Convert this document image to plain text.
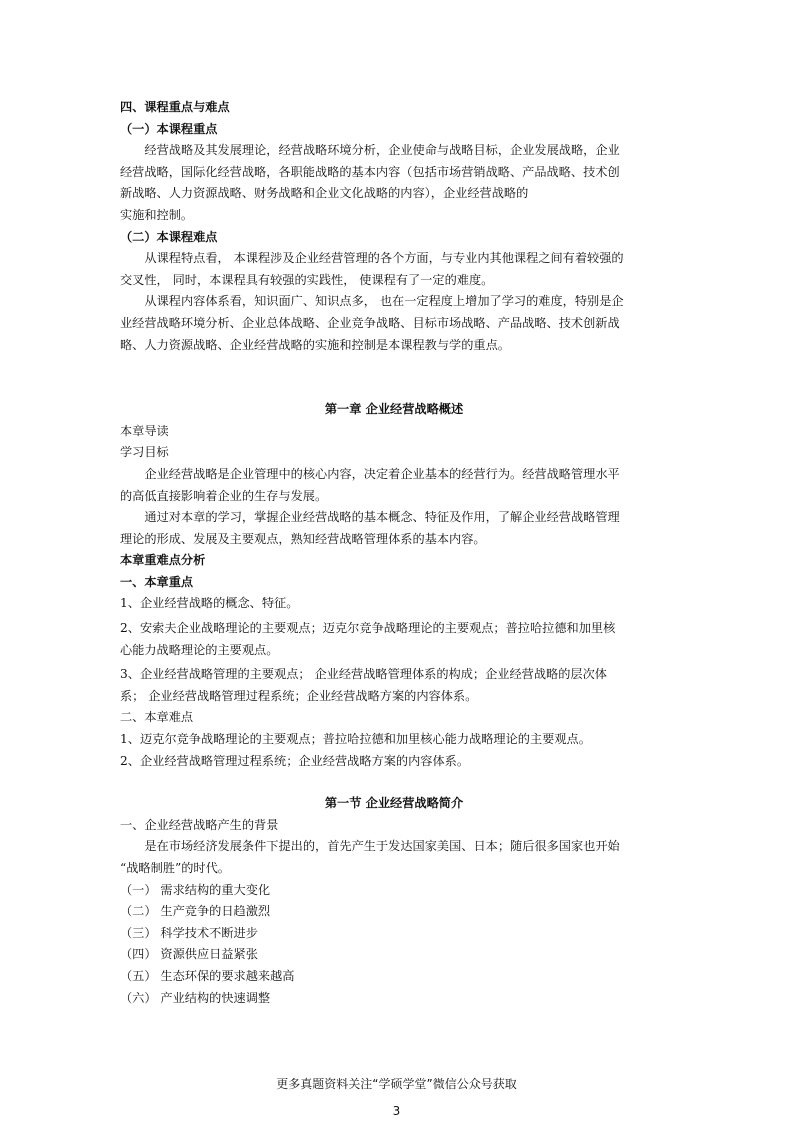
四、课程重点与难点

（一）本课程重点

经营战略及其发展理论，经营战略环境分析，企业使命与战略目标，企业发展战略，企业

经营战略，国际化经营战略，各职能战略的基本内容（包括市场营销战略、产品战略、技术创

新战略、人力资源战略、财务战略和企业文化战略的内容），企业经营战略的

实施和控制。

（二）本课程难点

从课程特点看， 本课程涉及企业经营管理的各个方面，与专业内其他课程之间有着较强的

交叉性， 同时，本课程具有较强的实践性， 使课程有了一定的难度。

从课程内容体系看，知识面广、知识点多， 也在一定程度上增加了学习的难度，特别是企

业经营战略环境分析、企业总体战略、企业竞争战略、目标市场战略、产品战略、技术创新战

略、人力资源战略、企业经营战略的实施和控制是本课程教与学的重点。

第一章 企业经营战略概述

本章导读

学习目标

企业经营战略是企业管理中的核心内容，决定着企业基本的经营行为。经营战略管理水平

的高低直接影响着企业的生存与发展。

通过对本章的学习，掌握企业经营战略的基本概念、特征及作用，了解企业经营战略管理

理论的形成、发展及主要观点，熟知经营战略管理体系的基本内容。

本章重难点分析

一、本章重点

1、企业经营战略的概念、特征。

2、安索夫企业战略理论的主要观点；迈克尔竞争战略理论的主要观点；普拉哈拉德和加里核

心能力战略理论的主要观点。

3、企业经营战略管理的主要观点； 企业经营战略管理体系的构成；企业经营战略的层次体

系； 企业经营战略管理过程系统；企业经营战略方案的内容体系。

二、本章难点

1、迈克尔竞争战略理论的主要观点；普拉哈拉德和加里核心能力战略理论的主要观点。

2、企业经营战略管理过程系统；企业经营战略方案的内容体系。

第一节 企业经营战略简介

一、企业经营战略产生的背景

是在市场经济发展条件下提出的，首先产生于发达国家美国、日本；随后很多国家也开始

“战略制胜”的时代。

（一） 需求结构的重大变化

（二） 生产竞争的日趋激烈

（三） 科学技术不断进步

（四） 资源供应日益紧张

（五） 生态环保的要求越来越高

（六） 产业结构的快速调整

更多真题资料关注“学硕学堂”微信公众号获取
3
